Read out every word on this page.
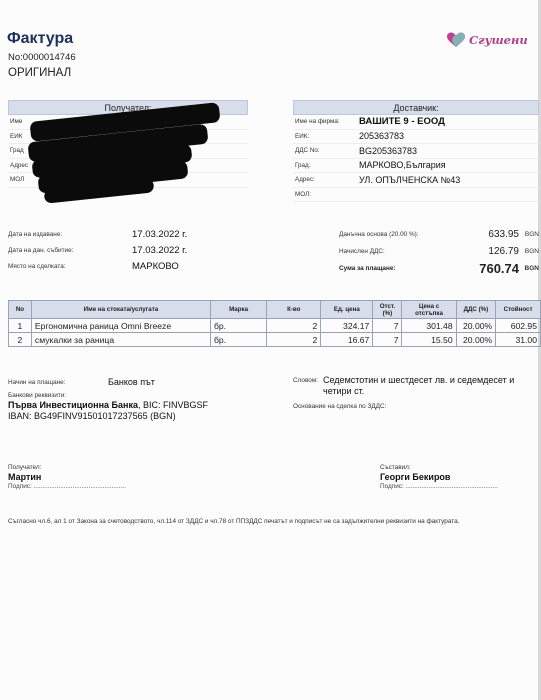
Фактура
No:0000014746
ОРИГИНАЛ
Сгушени
Получател:
Име
ЕИК
Град
Адрес
МОЛ
Доставчик:
Име на фирма:	ВАШИТЕ 9 - ЕООД
ЕИК:	205363783
ДДС No:	BG205363783
Град:	МАРКОВО,България
Адрес:	УЛ. ОПЪЛЧЕНСКА №43
МОЛ:
Дата на издаване:	17.03.2022 г.
Дата на дан. събитие:	17.03.2022 г.
Място на сделката:	МАРКОВО
Данъчна основа (20.00 %):	633.95 BGN
Начислен ДДС:	126.79 BGN
Сума за плащане:	760.74 BGN
No	Име на стоката/услугата	Марка	К-во	Ед. цена	Отст. (%)	Цена с отстъпка	ДДС (%)	Стойност
1	Ергономична раница Omni Breeze	бр.	2	324.17	7	301.48	20.00%	602.95
2	смукалки за раница	бр.	2	16.67	7	15.50	20.00%	31.00
Начин на плащане:	Банков път
Банкови реквизити:
Първа Инвестиционна Банка, BIC: FINVBGSF
IBAN: BG49FINV91501017237565 (BGN)
Словом: Седемстотин и шестдесет лв. и седемдесет и четири ст.
Основание на сделка по ЗДДС:
Получател:
Мартин
Подпис: ....................................................
Съставил:
Георги Бекиров
Подпис: ....................................................
Съгласно чл.6, ал 1 от Закона за счетоводството, чл.114 от ЗДДС и чл.78 от ППЗДДС печатът и подписът не са задължителни реквизити на фактурата.
